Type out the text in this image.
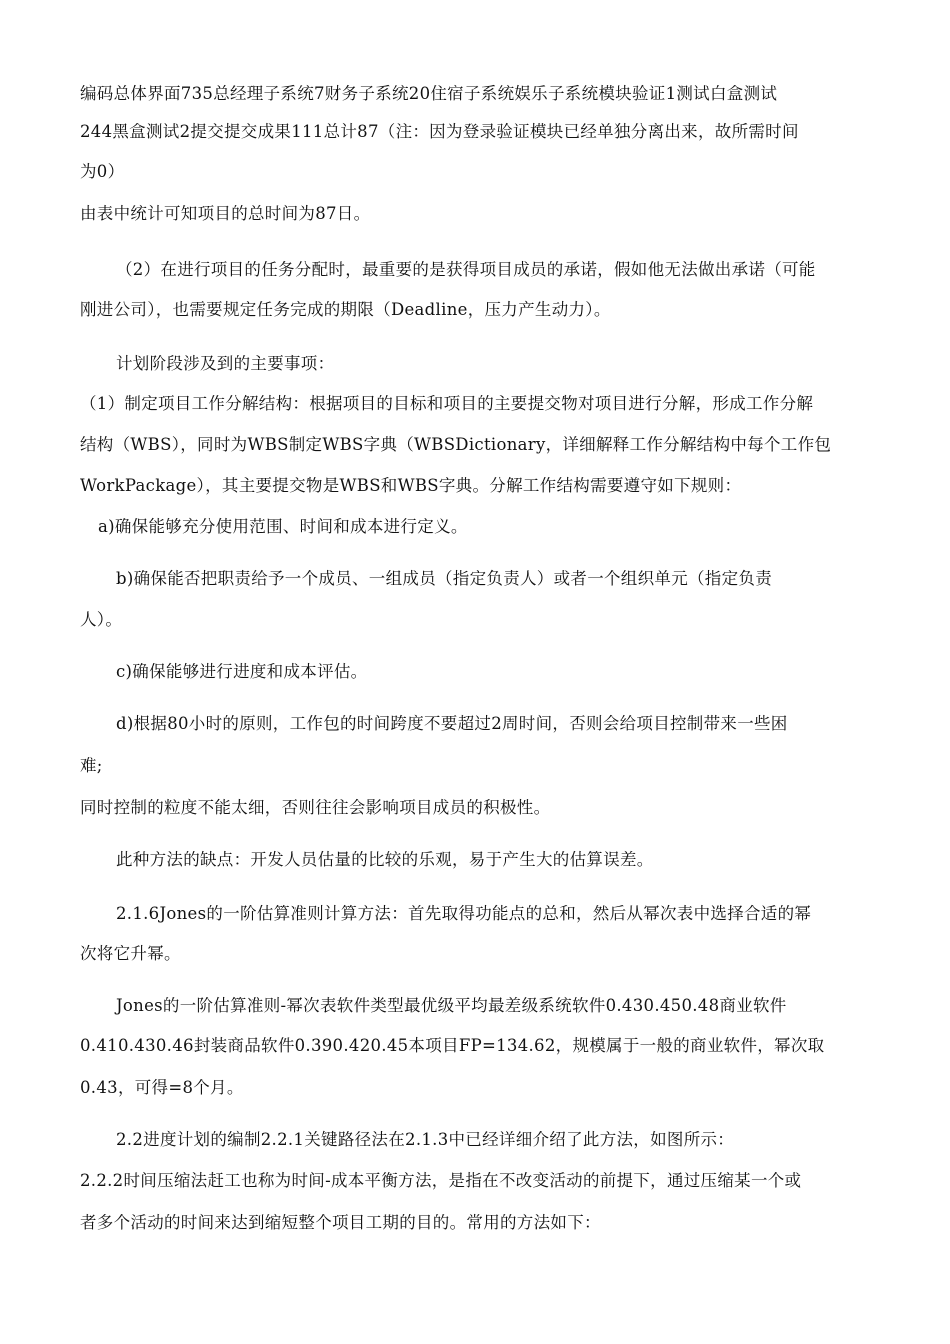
编码总体界面735总经理子系统7财务子系统20住宿子系统娱乐子系统模块验证1测试白盒测试
244黑盒测试2提交提交成果111总计87（注：因为登录验证模块已经单独分离出来，故所需时间
为0）
由表中统计可知项目的总时间为87日。
（2）在进行项目的任务分配时，最重要的是获得项目成员的承诺，假如他无法做出承诺（可能
刚进公司），也需要规定任务完成的期限（Deadline，压力产生动力）。
计划阶段涉及到的主要事项：
（1）制定项目工作分解结构：根据项目的目标和项目的主要提交物对项目进行分解，形成工作分解
结构（WBS），同时为WBS制定WBS字典（WBSDictionary，详细解释工作分解结构中每个工作包
WorkPackage），其主要提交物是WBS和WBS字典。分解工作结构需要遵守如下规则：
a)确保能够充分使用范围、时间和成本进行定义。
b)确保能否把职责给予一个成员、一组成员（指定负责人）或者一个组织单元（指定负责
人）。
c)确保能够进行进度和成本评估。
d)根据80小时的原则，工作包的时间跨度不要超过2周时间，否则会给项目控制带来一些困
难;
同时控制的粒度不能太细，否则往往会影响项目成员的积极性。
此种方法的缺点：开发人员估量的比较的乐观，易于产生大的估算误差。
2.1.6Jones的一阶估算准则计算方法：首先取得功能点的总和，然后从幂次表中选择合适的幂
次将它升幂。
Jones的一阶估算准则-幂次表软件类型最优级平均最差级系统软件0.430.450.48商业软件
0.410.430.46封装商品软件0.390.420.45本项目FP=134.62，规模属于一般的商业软件，幂次取
0.43，可得=8个月。
2.2进度计划的编制2.2.1关键路径法在2.1.3中已经详细介绍了此方法，如图所示：
2.2.2时间压缩法赶工也称为时间-成本平衡方法，是指在不改变活动的前提下，通过压缩某一个或
者多个活动的时间来达到缩短整个项目工期的目的。常用的方法如下：
